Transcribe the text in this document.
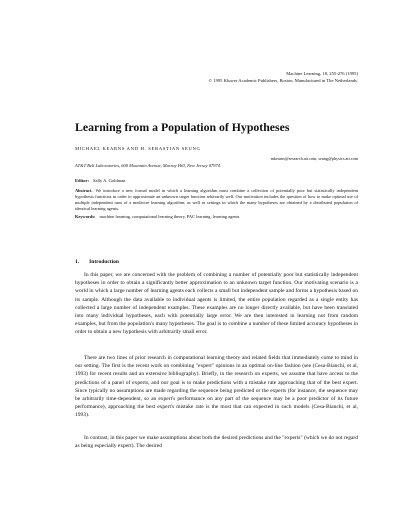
Machine Learning, 18, 255-276 (1995)
© 1995 Kluwer Academic Publishers, Boston. Manufactured in The Netherlands.
Learning from a Population of Hypotheses
MICHAEL KEARNS AND H. SEBASTIAN SEUNG
mkearns@research.att.com, seung@physics.att.com
AT&T Bell Laboratories, 600 Mountain Avenue, Murray Hill, New Jersey 07974
Editor: Sally A. Goldman
Abstract. We introduce a new formal model in which a learning algorithm must combine a collection of potentially poor but statistically independent hypothesis functions in order to approximate an unknown target function arbitrarily well. Our motivation includes the question of how to make optimal use of multiple independent runs of a mediocre learning algorithm, as well as settings in which the many hypotheses are obtained by a distributed population of identical learning agents.
Keywords: machine learning, computational learning theory, PAC learning, learning agents
1. Introduction

In this paper, we are concerned with the problem of combining a number of potentially poor but statistically independent hypotheses in order to obtain a significantly better approximation to an unknown target function. Our motivating scenario is a world in which a large number of learning agents each collects a small but independent sample and forms a hypothesis based on its sample. Although the data available to individual agents is limited, the entire population regarded as a single entity has collected a large number of independent examples. These examples are no longer directly available, but have been translated into many individual hypotheses, each with potentially large error. We are then interested in learning not from random examples, but from the population's many hypotheses. The goal is to combine a number of these limited accuracy hypotheses in order to obtain a new hypothesis with arbitrarily small error.

There are two lines of prior research in computational learning theory and related fields that immediately come to mind in our setting. The first is the recent work on combining "expert" opinions in an optimal on-line fashion (see (Cesa-Bianchi, et al, 1993) for recent results and an extensive bibliography). Briefly, in the research on experts, we assume that have access to the predictions of a panel of experts, and our goal is to make predictions with a mistake rate approaching that of the best expert. Since typically no assumptions are made regarding the sequence being predicted or the experts (for instance, the sequence may be arbitrarily time-dependent, so an expert's performance on any part of the sequence may be a poor predictor of its future performance), approaching the best expert's mistake rate is the most that can expected in such models (Cesa-Bianchi, et al, 1993).

In contrast, in this paper we make assumptions about both the desired predictions and the "experts" (which we do not regard as being especially expert). The desired
